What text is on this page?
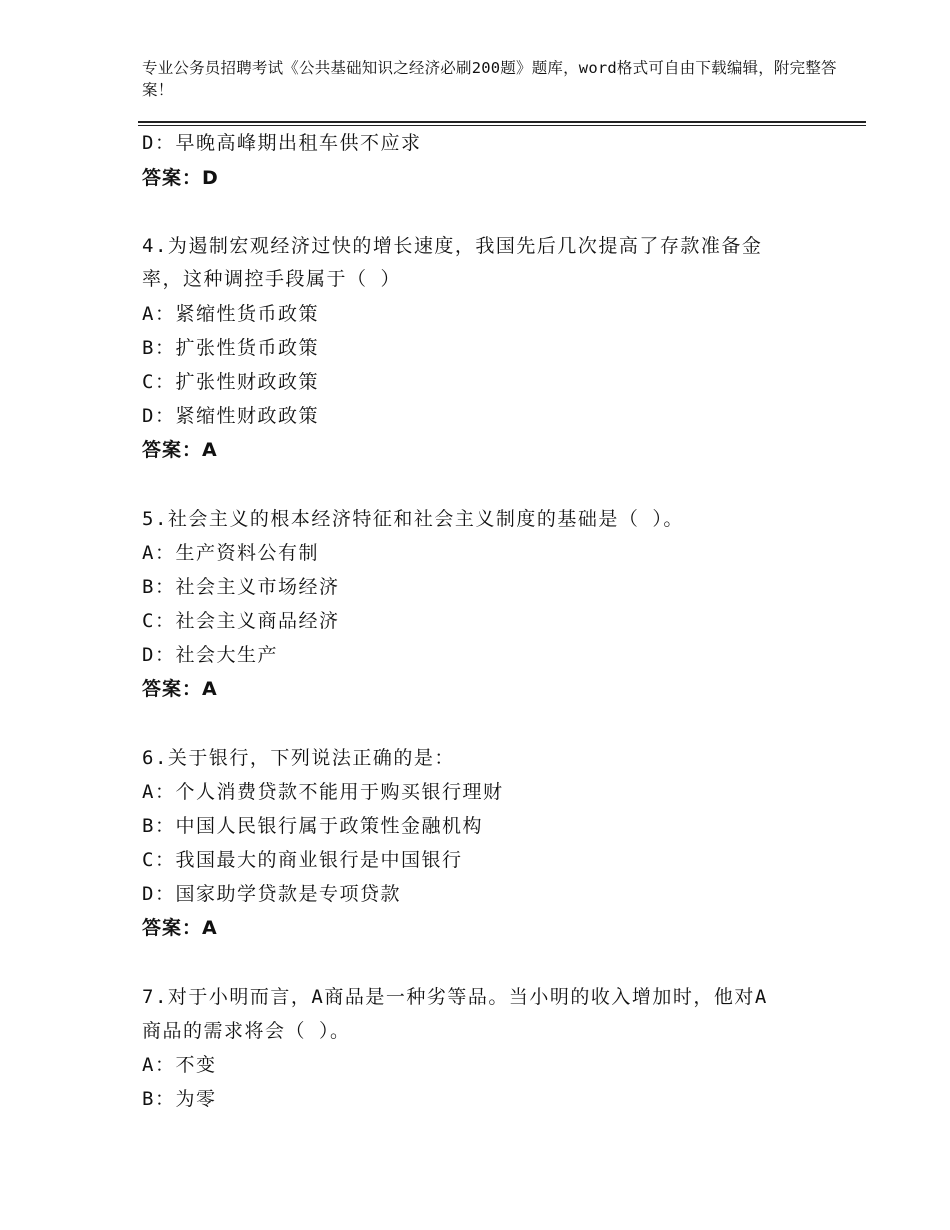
专业公务员招聘考试《公共基础知识之经济必刷200题》题库，word格式可自由下载编辑，附完整答案！
D：早晚高峰期出租车供不应求
答案：D
4.为遏制宏观经济过快的增长速度，我国先后几次提高了存款准备金
率，这种调控手段属于（ ）
A：紧缩性货币政策
B：扩张性货币政策
C：扩张性财政政策
D：紧缩性财政政策
答案：A
5.社会主义的根本经济特征和社会主义制度的基础是（ ）。
A：生产资料公有制
B：社会主义市场经济
C：社会主义商品经济
D：社会大生产
答案：A
6.关于银行，下列说法正确的是：
A：个人消费贷款不能用于购买银行理财
B：中国人民银行属于政策性金融机构
C：我国最大的商业银行是中国银行
D：国家助学贷款是专项贷款
答案：A
7.对于小明而言，A商品是一种劣等品。当小明的收入增加时，他对A
商品的需求将会（ ）。
A：不变
B：为零
